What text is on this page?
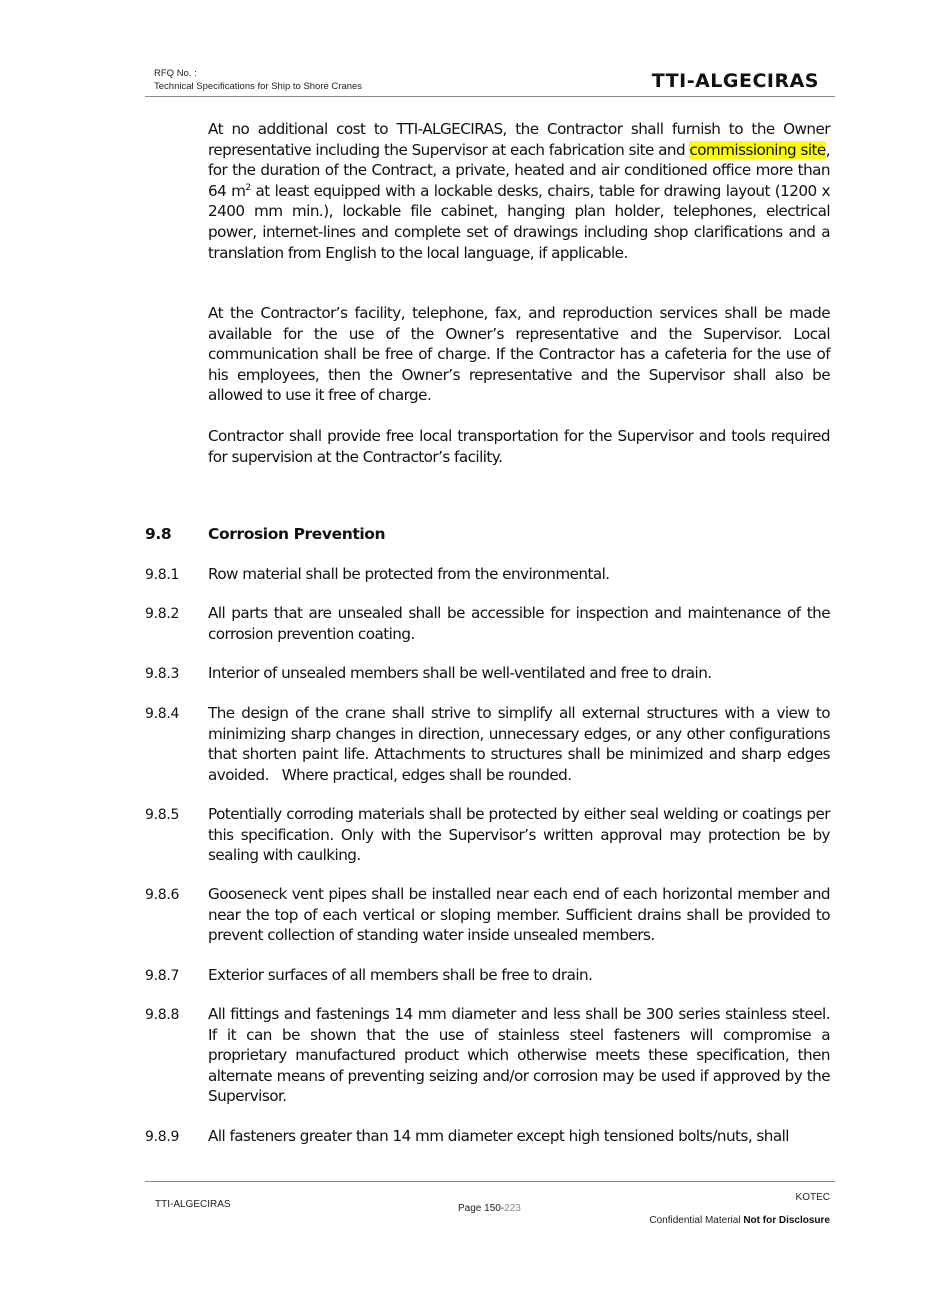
RFQ No. :
Technical Specifications for Ship to Shore Cranes	TTI-ALGECIRAS
At no additional cost to TTI-ALGECIRAS, the Contractor shall furnish to the Owner representative including the Supervisor at each fabrication site and commissioning site, for the duration of the Contract, a private, heated and air conditioned office more than 64 $m^2$ at least equipped with a lockable desks, chairs, table for drawing layout (1200 x 2400 mm min.), lockable file cabinet, hanging plan holder, telephones, electrical power, internet-lines and complete set of drawings including shop clarifications and a translation from English to the local language, if applicable.
At the Contractor’s facility, telephone, fax, and reproduction services shall be made available for the use of the Owner’s representative and the Supervisor. Local communication shall be free of charge. If the Contractor has a cafeteria for the use of his employees, then the Owner’s representative and the Supervisor shall also be allowed to use it free of charge.
Contractor shall provide free local transportation for the Supervisor and tools required for supervision at the Contractor’s facility.
9.8 Corrosion Prevention
9.8.1 Row material shall be protected from the environmental.
9.8.2 All parts that are unsealed shall be accessible for inspection and maintenance of the corrosion prevention coating.
9.8.3 Interior of unsealed members shall be well-ventilated and free to drain.
9.8.4 The design of the crane shall strive to simplify all external structures with a view to minimizing sharp changes in direction, unnecessary edges, or any other configurations that shorten paint life. Attachments to structures shall be minimized and sharp edges avoided.   Where practical, edges shall be rounded.
9.8.5 Potentially corroding materials shall be protected by either seal welding or coatings per this specification. Only with the Supervisor’s written approval may protection be by sealing with caulking.
9.8.6 Gooseneck vent pipes shall be installed near each end of each horizontal member and near the top of each vertical or sloping member. Sufficient drains shall be provided to prevent collection of standing water inside unsealed members.
9.8.7 Exterior surfaces of all members shall be free to drain.
9.8.8 All fittings and fastenings 14 mm diameter and less shall be 300 series stainless steel. If it can be shown that the use of stainless steel fasteners will compromise a proprietary manufactured product which otherwise meets these specification, then alternate means of preventing seizing and/or corrosion may be used if approved by the Supervisor.
9.8.9 All fasteners greater than 14 mm diameter except high tensioned bolts/nuts, shall
TTI-ALGECIRAS	Page 150-223
KOTEC
Confidential Material Not for Disclosure
